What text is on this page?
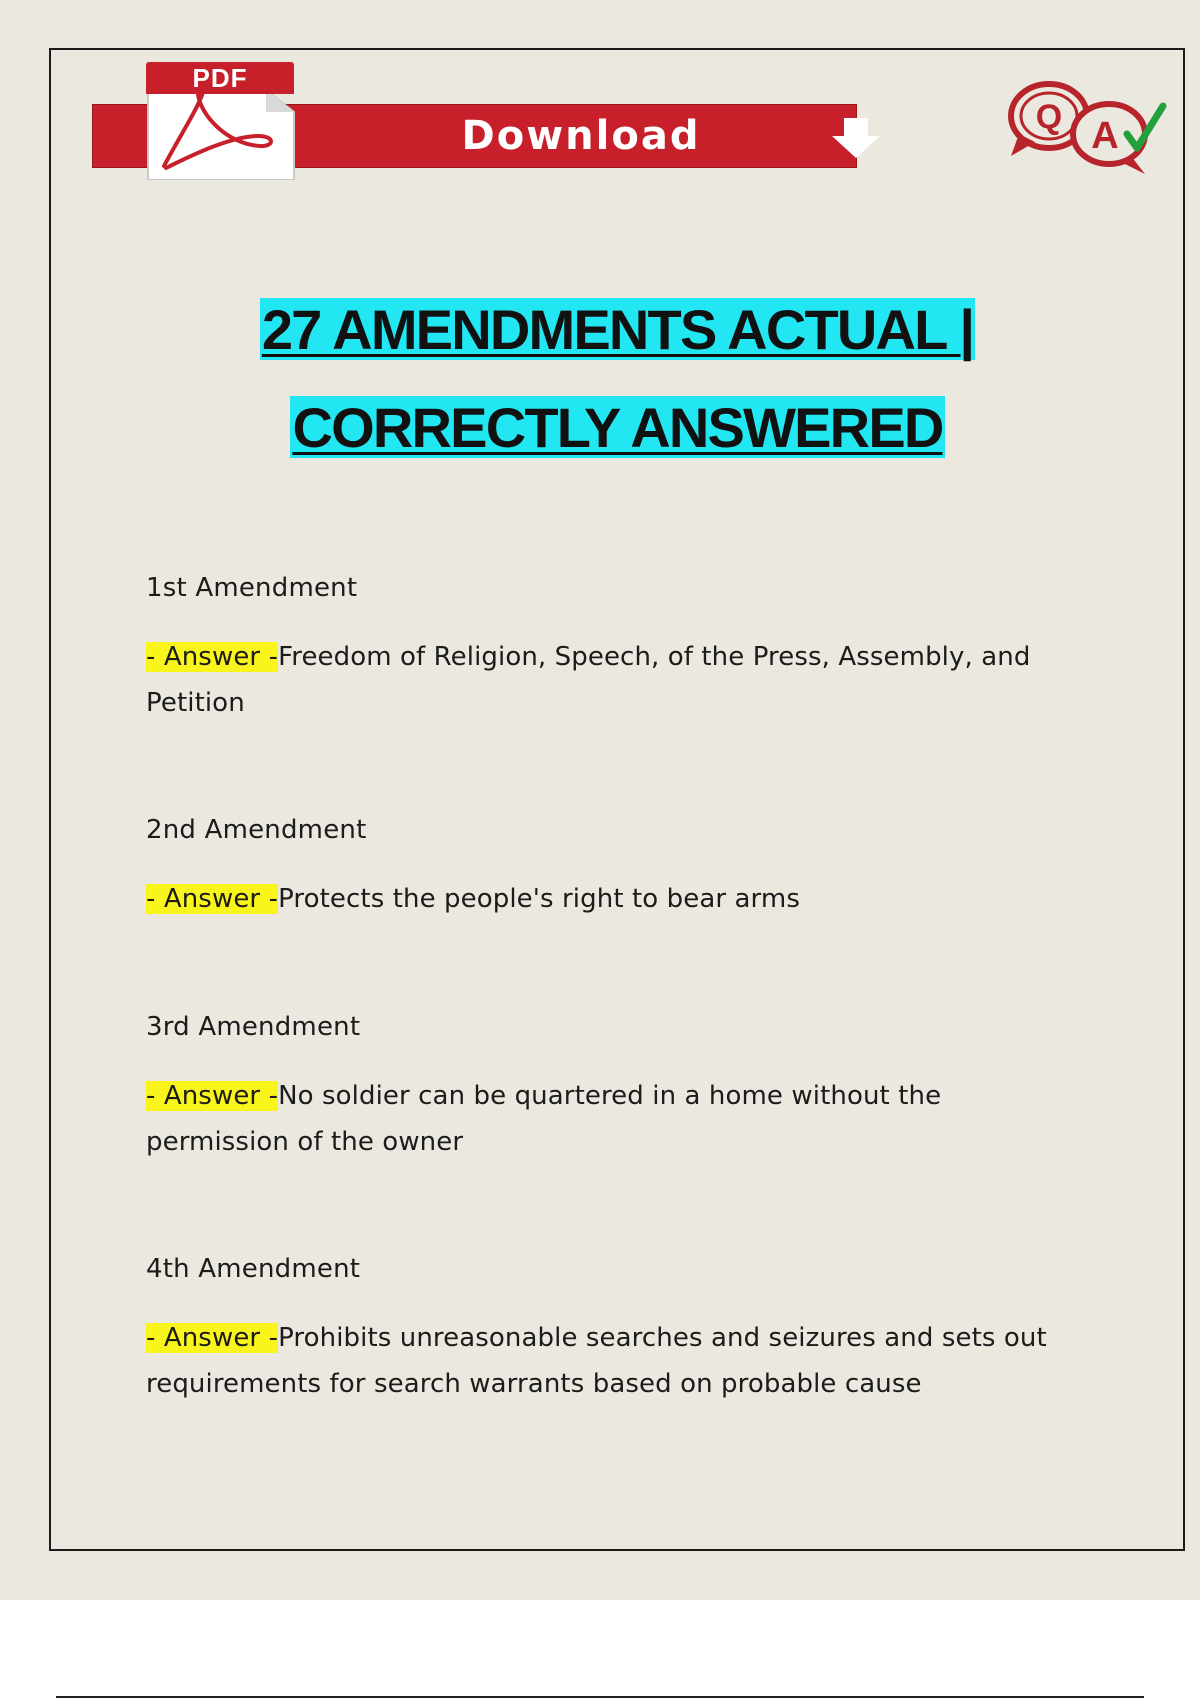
PDF
Download	Q A
27 AMENDMENTS ACTUAL |
CORRECTLY ANSWERED

1st Amendment

- Answer -Freedom of Religion, Speech, of the Press, Assembly, and
Petition

2nd Amendment

- Answer -Protects the people's right to bear arms

3rd Amendment

- Answer -No soldier can be quartered in a home without the
permission of the owner

4th Amendment

- Answer -Prohibits unreasonable searches and seizures and sets out
requirements for search warrants based on probable cause
